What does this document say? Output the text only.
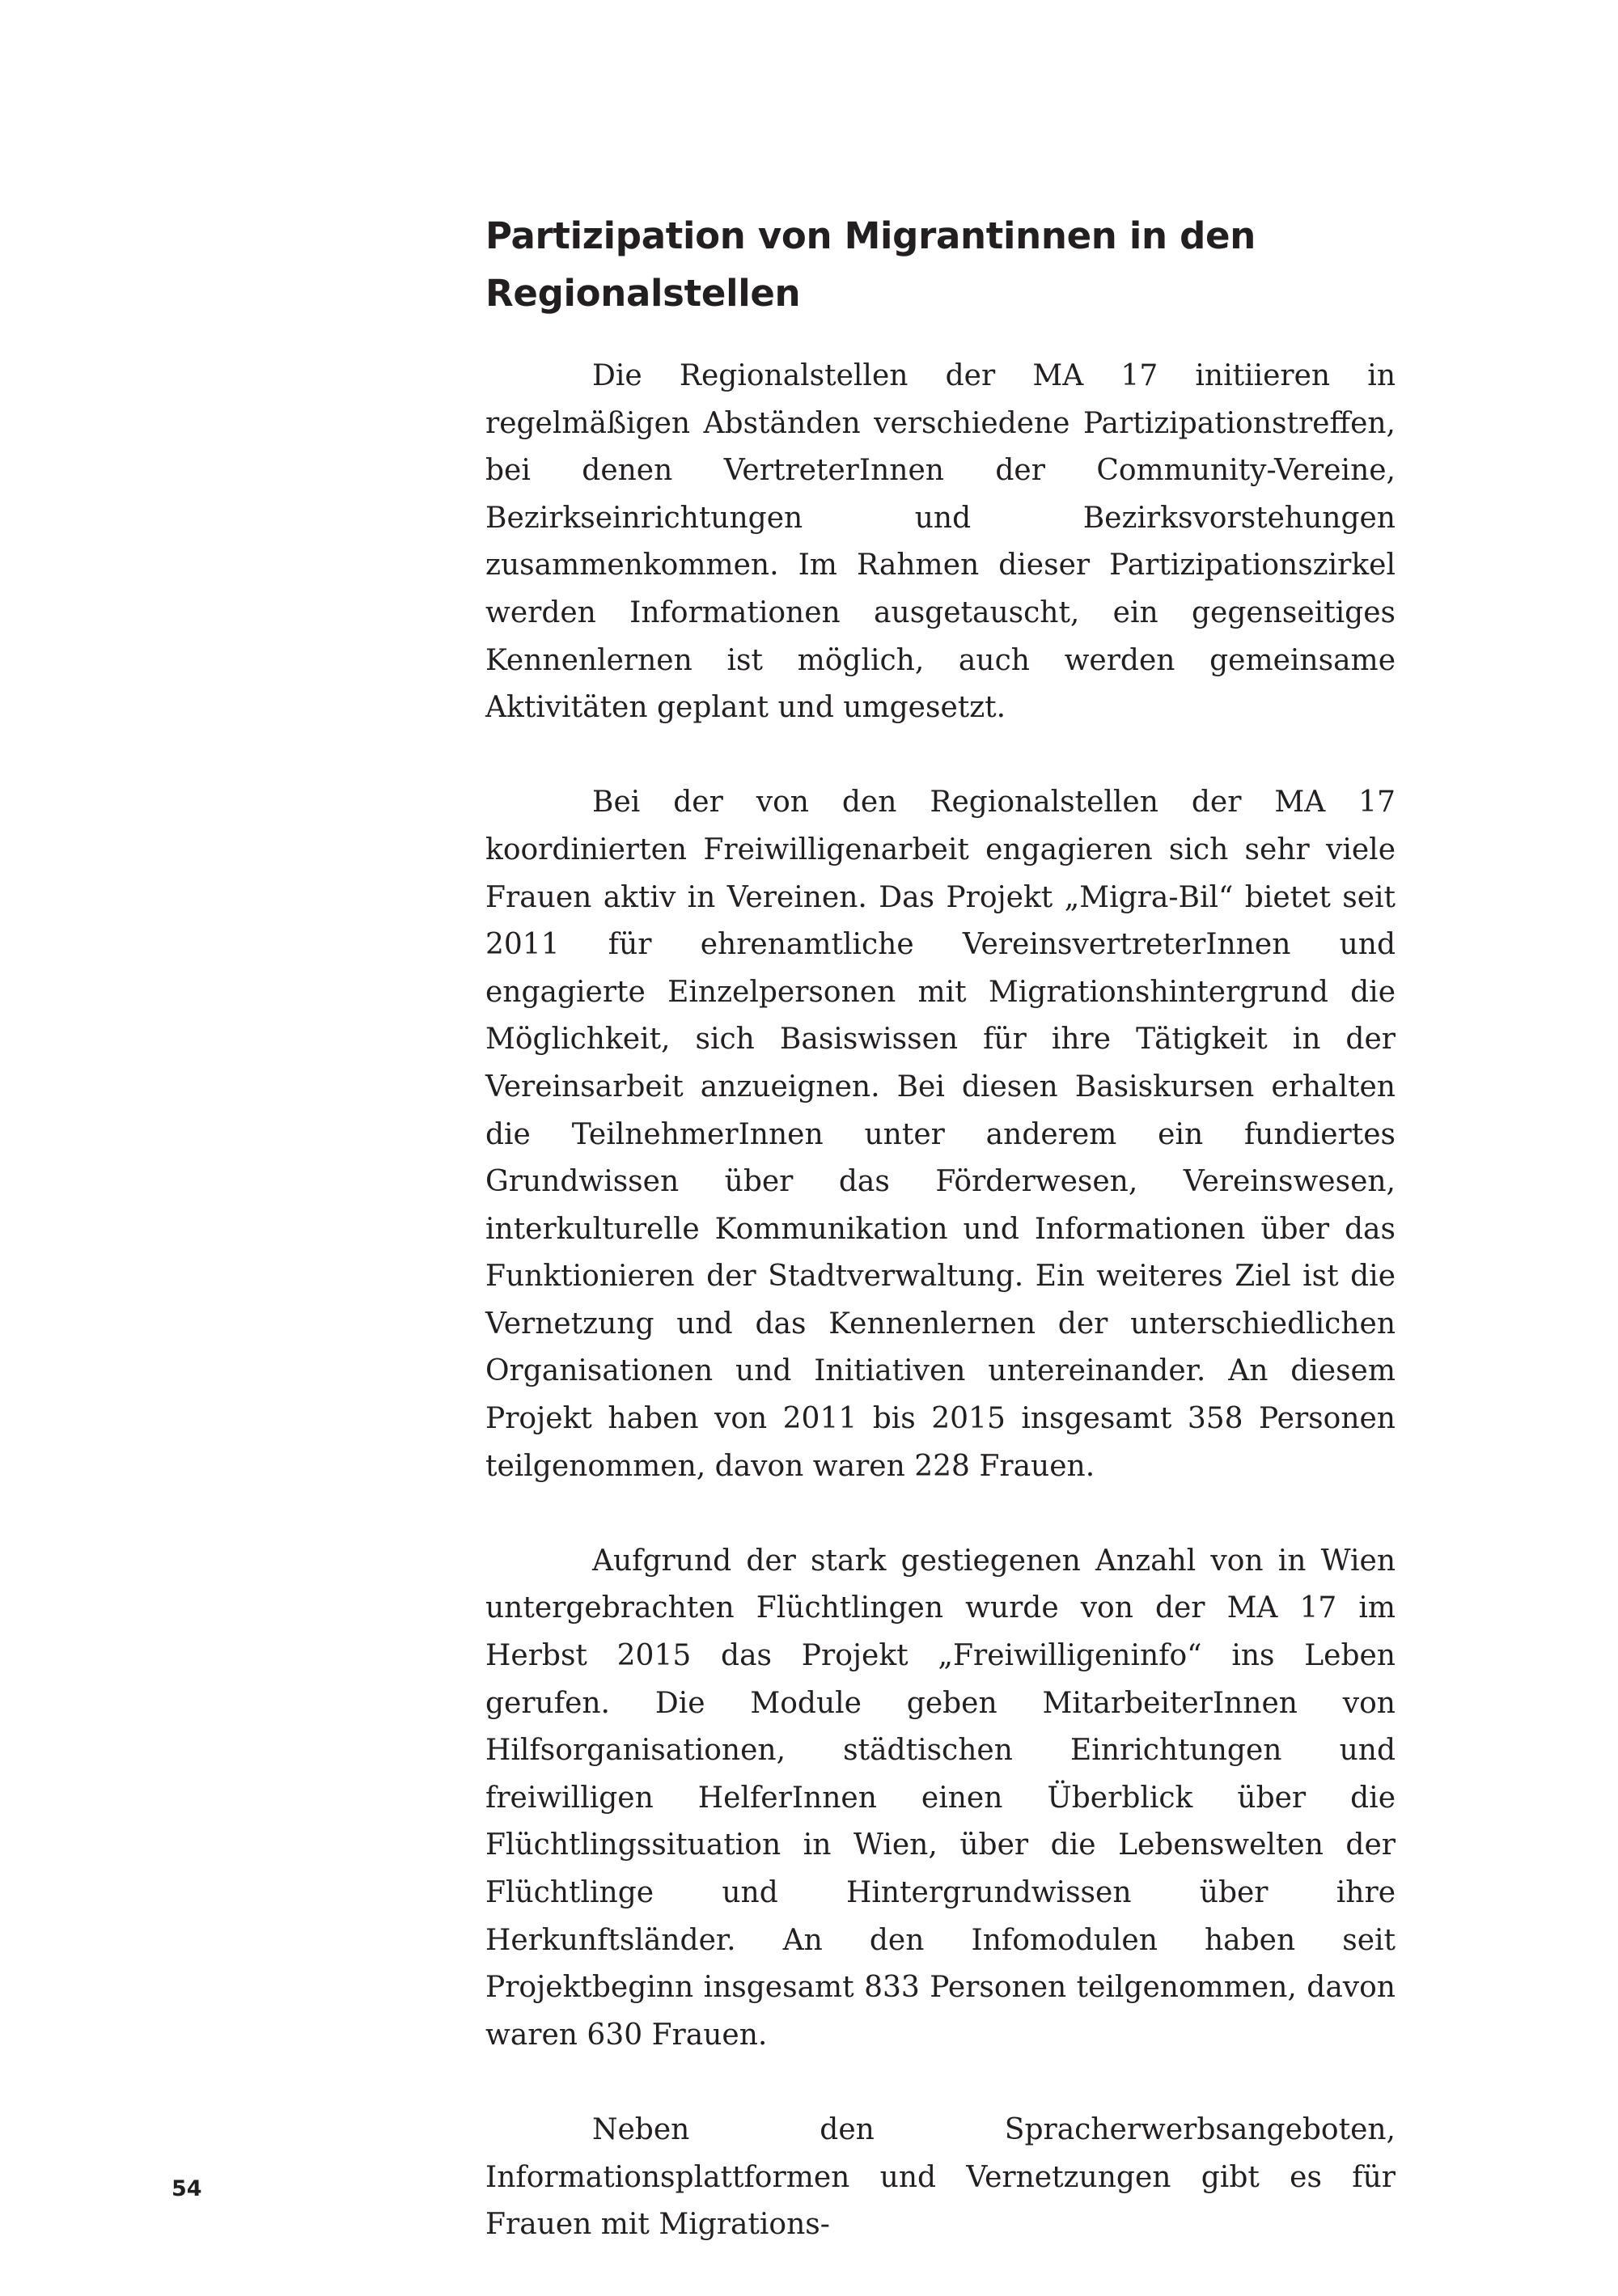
Partizipation von Migrantinnen in den Regionalstellen

Die Regionalstellen der MA 17 initiieren in regelmäßigen Abständen verschiedene Partizipationstreffen, bei denen VertreterInnen der Community-Vereine, Bezirkseinrichtungen und Bezirksvorstehungen zusammenkommen. Im Rahmen dieser Partizipationszirkel werden Informationen ausgetauscht, ein gegenseitiges Kennenlernen ist möglich, auch werden gemeinsame Aktivitäten geplant und umgesetzt.

Bei der von den Regionalstellen der MA 17 koordinierten Freiwilligenarbeit engagieren sich sehr viele Frauen aktiv in Vereinen. Das Projekt „Migra-Bil“ bietet seit 2011 für ehrenamtliche VereinsvertreterInnen und engagierte Einzelpersonen mit Migrationshintergrund die Möglichkeit, sich Basiswissen für ihre Tätigkeit in der Vereinsarbeit anzueignen. Bei diesen Basiskursen erhalten die TeilnehmerInnen unter anderem ein fundiertes Grundwissen über das Förderwesen, Vereinswesen, interkulturelle Kommunikation und Informationen über das Funktionieren der Stadtverwaltung. Ein weiteres Ziel ist die Vernetzung und das Kennenlernen der unterschiedlichen Organisationen und Initiativen untereinander. An diesem Projekt haben von 2011 bis 2015 insgesamt 358 Personen teilgenommen, davon waren 228 Frauen.

Aufgrund der stark gestiegenen Anzahl von in Wien untergebrachten Flüchtlingen wurde von der MA 17 im Herbst 2015 das Projekt „Freiwilligeninfo“ ins Leben gerufen. Die Module geben MitarbeiterInnen von Hilfsorganisationen, städtischen Einrichtungen und freiwilligen HelferInnen einen Überblick über die Flüchtlingssituation in Wien, über die Lebenswelten der Flüchtlinge und Hintergrundwissen über ihre Herkunftsländer. An den Infomodulen haben seit Projektbeginn insgesamt 833 Personen teilgenommen, davon waren 630 Frauen.

Neben den Spracherwerbsangeboten, Informationsplattformen und Vernetzungen gibt es für Frauen mit Migrations-

54
